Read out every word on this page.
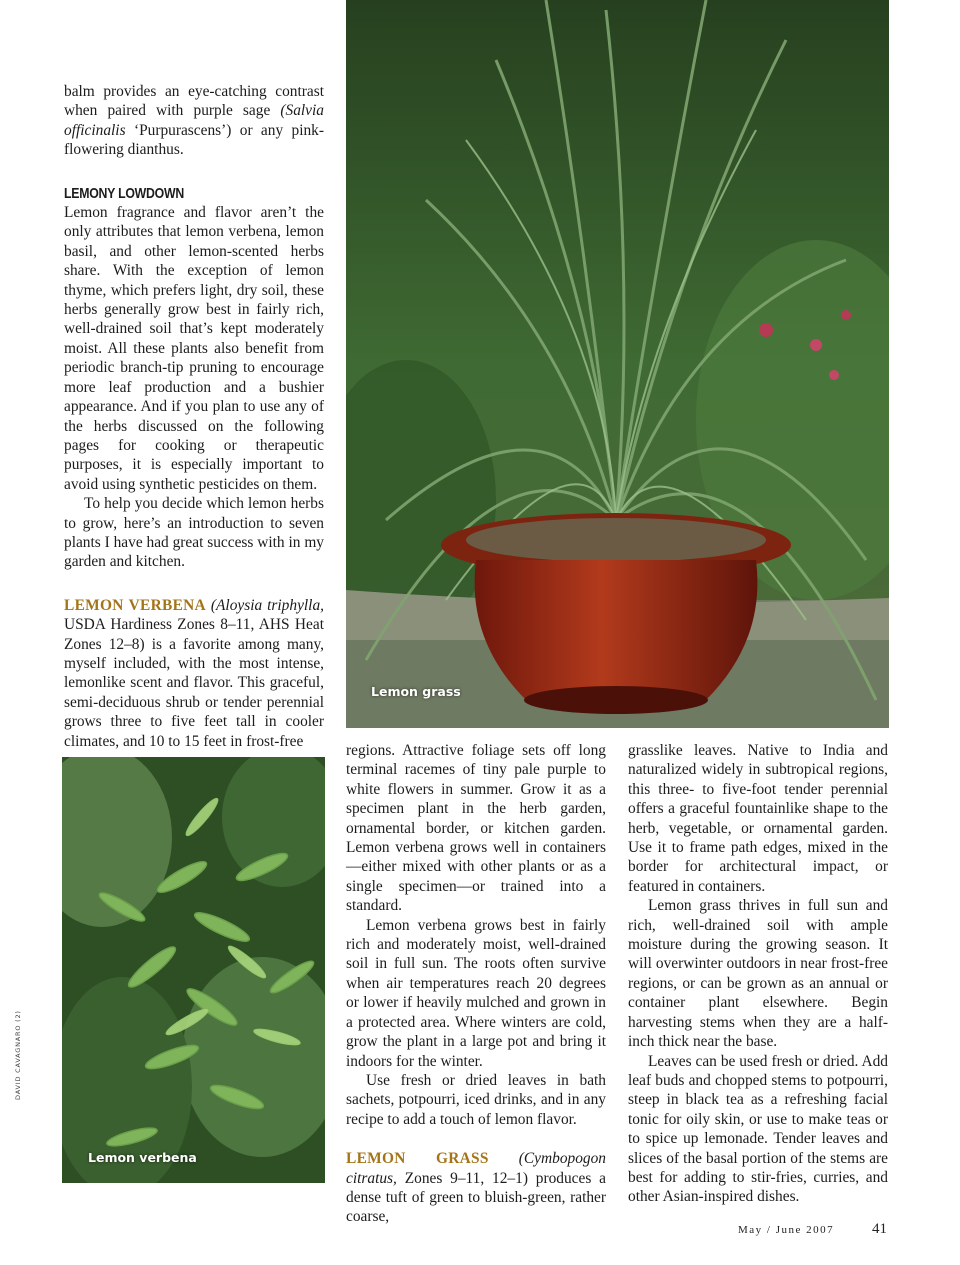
balm provides an eye-catching contrast when paired with purple sage (Salvia officinalis ‘Purpurascens’) or any pink-flowering dianthus.

LEMONY LOWDOWN

Lemon fragrance and flavor aren’t the only attributes that lemon verbena, lemon basil, and other lemon-scented herbs share. With the exception of lemon thyme, which prefers light, dry soil, these herbs generally grow best in fairly rich, well-drained soil that’s kept moderately moist. All these plants also benefit from periodic branch-tip pruning to encourage more leaf production and a bushier appearance. And if you plan to use any of the herbs discussed on the following pages for cooking or therapeutic purposes, it is especially important to avoid using synthetic pesticides on them.

To help you decide which lemon herbs to grow, here’s an introduction to seven plants I have had great success with in my garden and kitchen.

LEMON VERBENA (Aloysia triphylla, USDA Hardiness Zones 8–11, AHS Heat Zones 12–8) is a favorite among many, myself included, with the most intense, lemonlike scent and flavor. This graceful, semi-deciduous shrub or tender perennial grows three to five feet tall in cooler climates, and 10 to 15 feet in frost-free

Lemon grass
Lemon verbena

regions. Attractive foliage sets off long terminal racemes of tiny pale purple to white flowers in summer. Grow it as a specimen plant in the herb garden, ornamental border, or kitchen garden. Lemon verbena grows well in containers—either mixed with other plants or as a single specimen—or trained into a standard.

Lemon verbena grows best in fairly rich and moderately moist, well-drained soil in full sun. The roots often survive when air temperatures reach 20 degrees or lower if heavily mulched and grown in a protected area. Where winters are cold, grow the plant in a large pot and bring it indoors for the winter.

Use fresh or dried leaves in bath sachets, potpourri, iced drinks, and in any recipe to add a touch of lemon flavor.

LEMON GRASS (Cymbopogon citratus, Zones 9–11, 12–1) produces a dense tuft of green to bluish-green, rather coarse,

grasslike leaves. Native to India and naturalized widely in subtropical regions, this three- to five-foot tender perennial offers a graceful fountainlike shape to the herb, vegetable, or ornamental garden. Use it to frame path edges, mixed in the border for architectural impact, or featured in containers.

Lemon grass thrives in full sun and rich, well-drained soil with ample moisture during the growing season. It will overwinter outdoors in near frost-free regions, or can be grown as an annual or container plant elsewhere. Begin harvesting stems when they are a half-inch thick near the base.

Leaves can be used fresh or dried. Add leaf buds and chopped stems to potpourri, steep in black tea as a refreshing facial tonic for oily skin, or use to make teas or to spice up lemonade. Tender leaves and slices of the basal portion of the stems are best for adding to stir-fries, curries, and other Asian-inspired dishes.

DAVID CAVAGNARO (2)
May / June 2007	41
